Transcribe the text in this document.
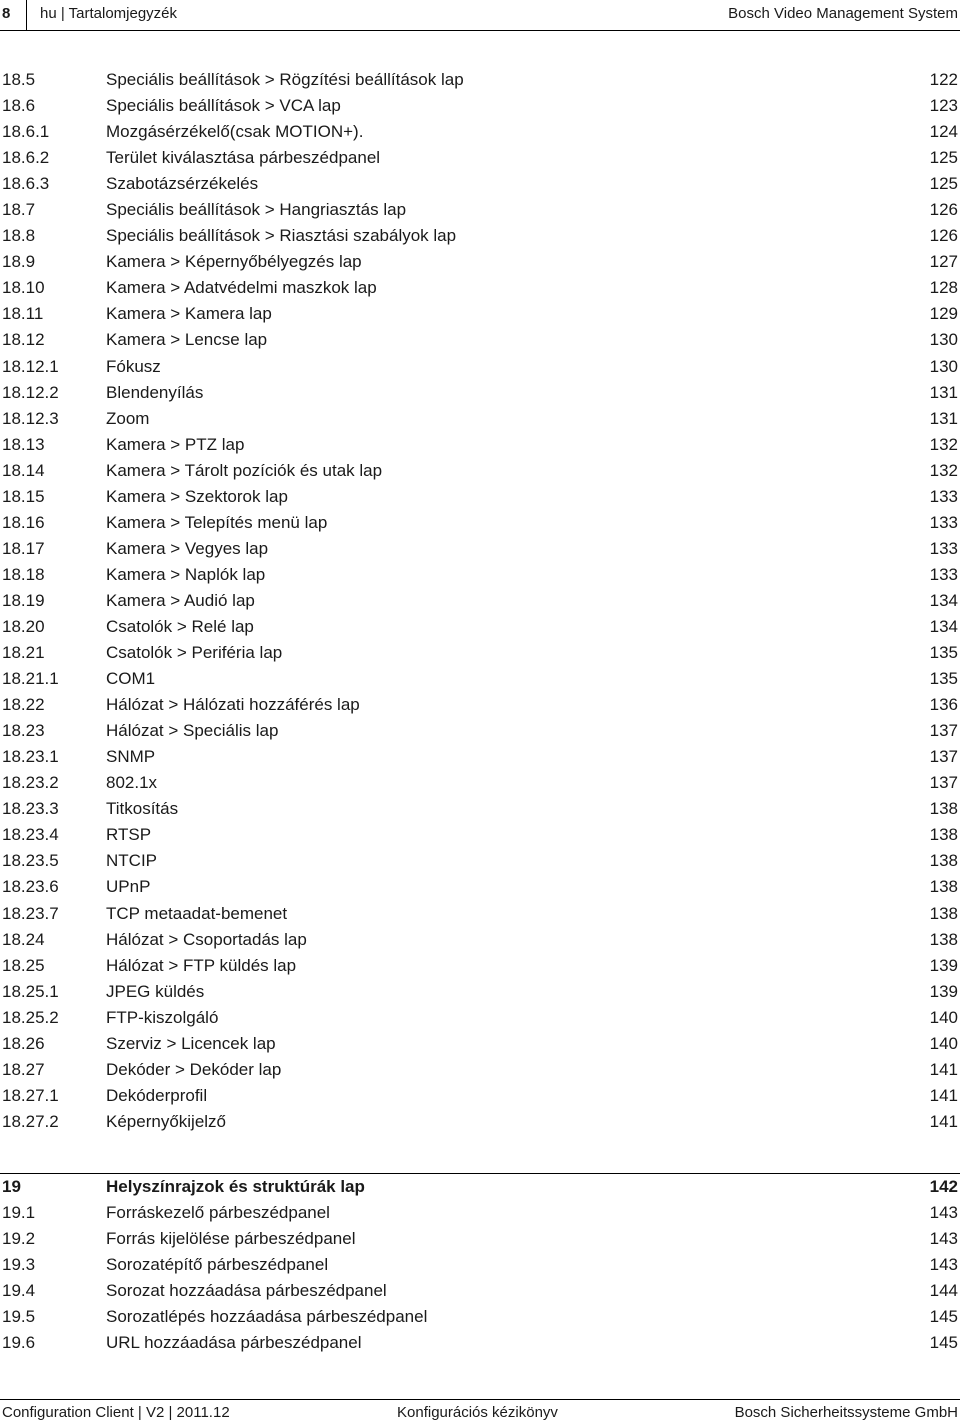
8 hu | Tartalomjegyzék	Bosch Video Management System
18.5	Speciális beállítások > Rögzítési beállítások lap	122
18.6	Speciális beállítások > VCA lap	123
18.6.1	Mozgásérzékelő(csak MOTION+).	124
18.6.2	Terület kiválasztása párbeszédpanel	125
18.6.3	Szabotázsérzékelés	125
18.7	Speciális beállítások > Hangriasztás lap	126
18.8	Speciális beállítások > Riasztási szabályok lap	126
18.9	Kamera > Képernyőbélyegzés lap	127
18.10	Kamera > Adatvédelmi maszkok lap	128
18.11	Kamera > Kamera lap	129
18.12	Kamera > Lencse lap	130
18.12.1	Fókusz	130
18.12.2	Blendenyílás	131
18.12.3	Zoom	131
18.13	Kamera > PTZ lap	132
18.14	Kamera > Tárolt pozíciók és utak lap	132
18.15	Kamera > Szektorok lap	133
18.16	Kamera > Telepítés menü lap	133
18.17	Kamera > Vegyes lap	133
18.18	Kamera > Naplók lap	133
18.19	Kamera > Audió lap	134
18.20	Csatolók > Relé lap	134
18.21	Csatolók > Periféria lap	135
18.21.1	COM1	135
18.22	Hálózat > Hálózati hozzáférés lap	136
18.23	Hálózat > Speciális lap	137
18.23.1	SNMP	137
18.23.2	802.1x	137
18.23.3	Titkosítás	138
18.23.4	RTSP	138
18.23.5	NTCIP	138
18.23.6	UPnP	138
18.23.7	TCP metaadat-bemenet	138
18.24	Hálózat > Csoportadás lap	138
18.25	Hálózat > FTP küldés lap	139
18.25.1	JPEG küldés	139
18.25.2	FTP-kiszolgáló	140
18.26	Szerviz > Licencek lap	140
18.27	Dekóder > Dekóder lap	141
18.27.1	Dekóderprofil	141
18.27.2	Képernyőkijelző	141
19	Helyszínrajzok és struktúrák lap	142
19.1	Forráskezelő párbeszédpanel	143
19.2	Forrás kijelölése párbeszédpanel	143
19.3	Sorozatépítő párbeszédpanel	143
19.4	Sorozat hozzáadása párbeszédpanel	144
19.5	Sorozatlépés hozzáadása párbeszédpanel	145
19.6	URL hozzáadása párbeszédpanel	145
Configuration Client | V2 | 2011.12	Konfigurációs kézikönyv	Bosch Sicherheitssysteme GmbH
